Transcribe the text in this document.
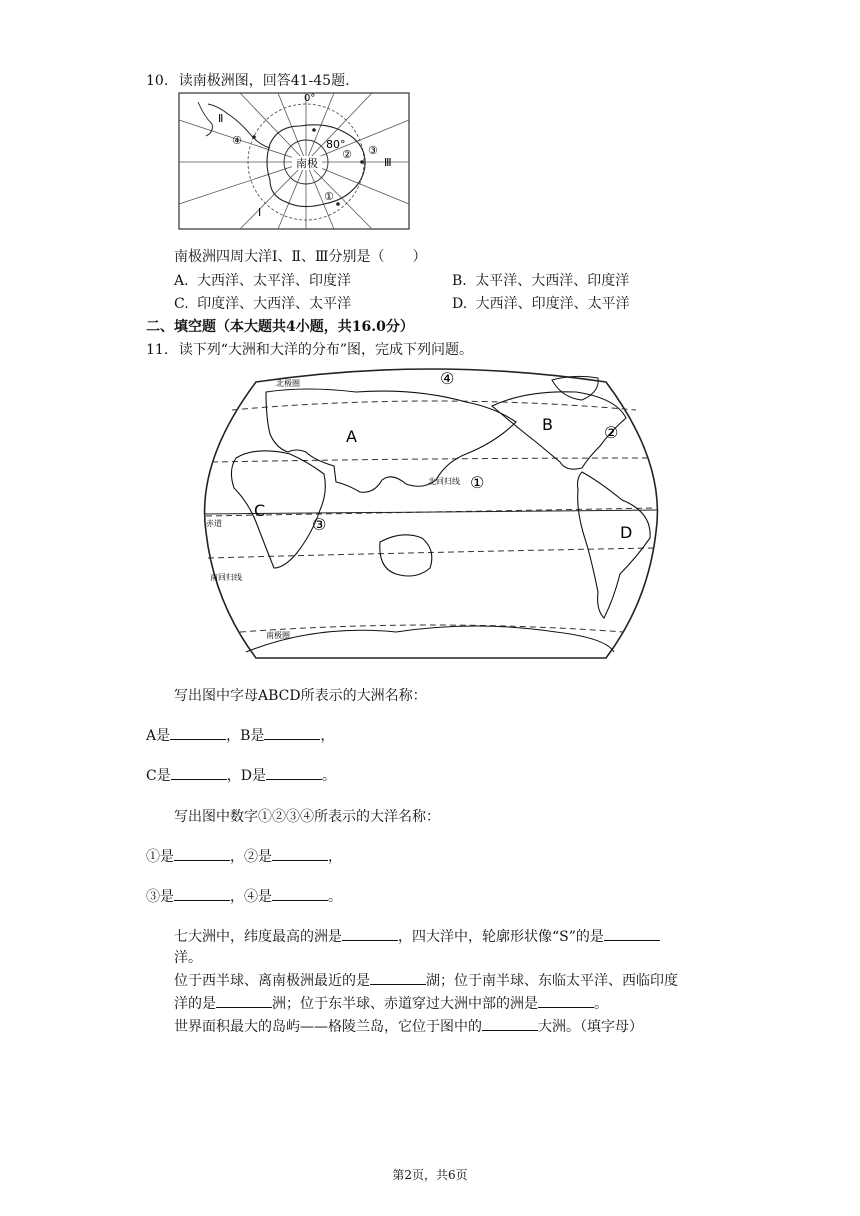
10. 读南极洲图，回答41-45题.
南极
0°
80°
Ⅱ
Ⅰ
Ⅲ
④
② ③
①
南极洲四周大洋Ⅰ、Ⅱ、Ⅲ分别是（　　）
A. 大西洋、太平洋、印度洋	B. 太平洋、大西洋、印度洋
C. 印度洋、大西洋、太平洋	D. 大西洋、印度洋、太平洋
二、填空题（本大题共4小题，共16.0分）
11. 读下列“大洲和大洋的分布”图，完成下列问题。
北极圈
北回归线
赤道
南回归线
南极圈
A
B
C
D
①
②
③
④
写出图中字母ABCD所表示的大洲名称：
A是	，B是	，
C是	，D是	。
写出图中数字①②③④所表示的大洋名称：
①是	，②是	，
③是	，④是	。
七大洲中，纬度最高的洲是	，四大洋中，轮廓形状像“S”的是
洋。
位于西半球、离南极洲最近的是	湖；位于南半球、东临太平洋、西临印度
洋的是	洲；位于东半球、赤道穿过大洲中部的洲是	。
世界面积最大的岛屿——格陵兰岛，它位于图中的	大洲。（填字母）
第2页，共6页
